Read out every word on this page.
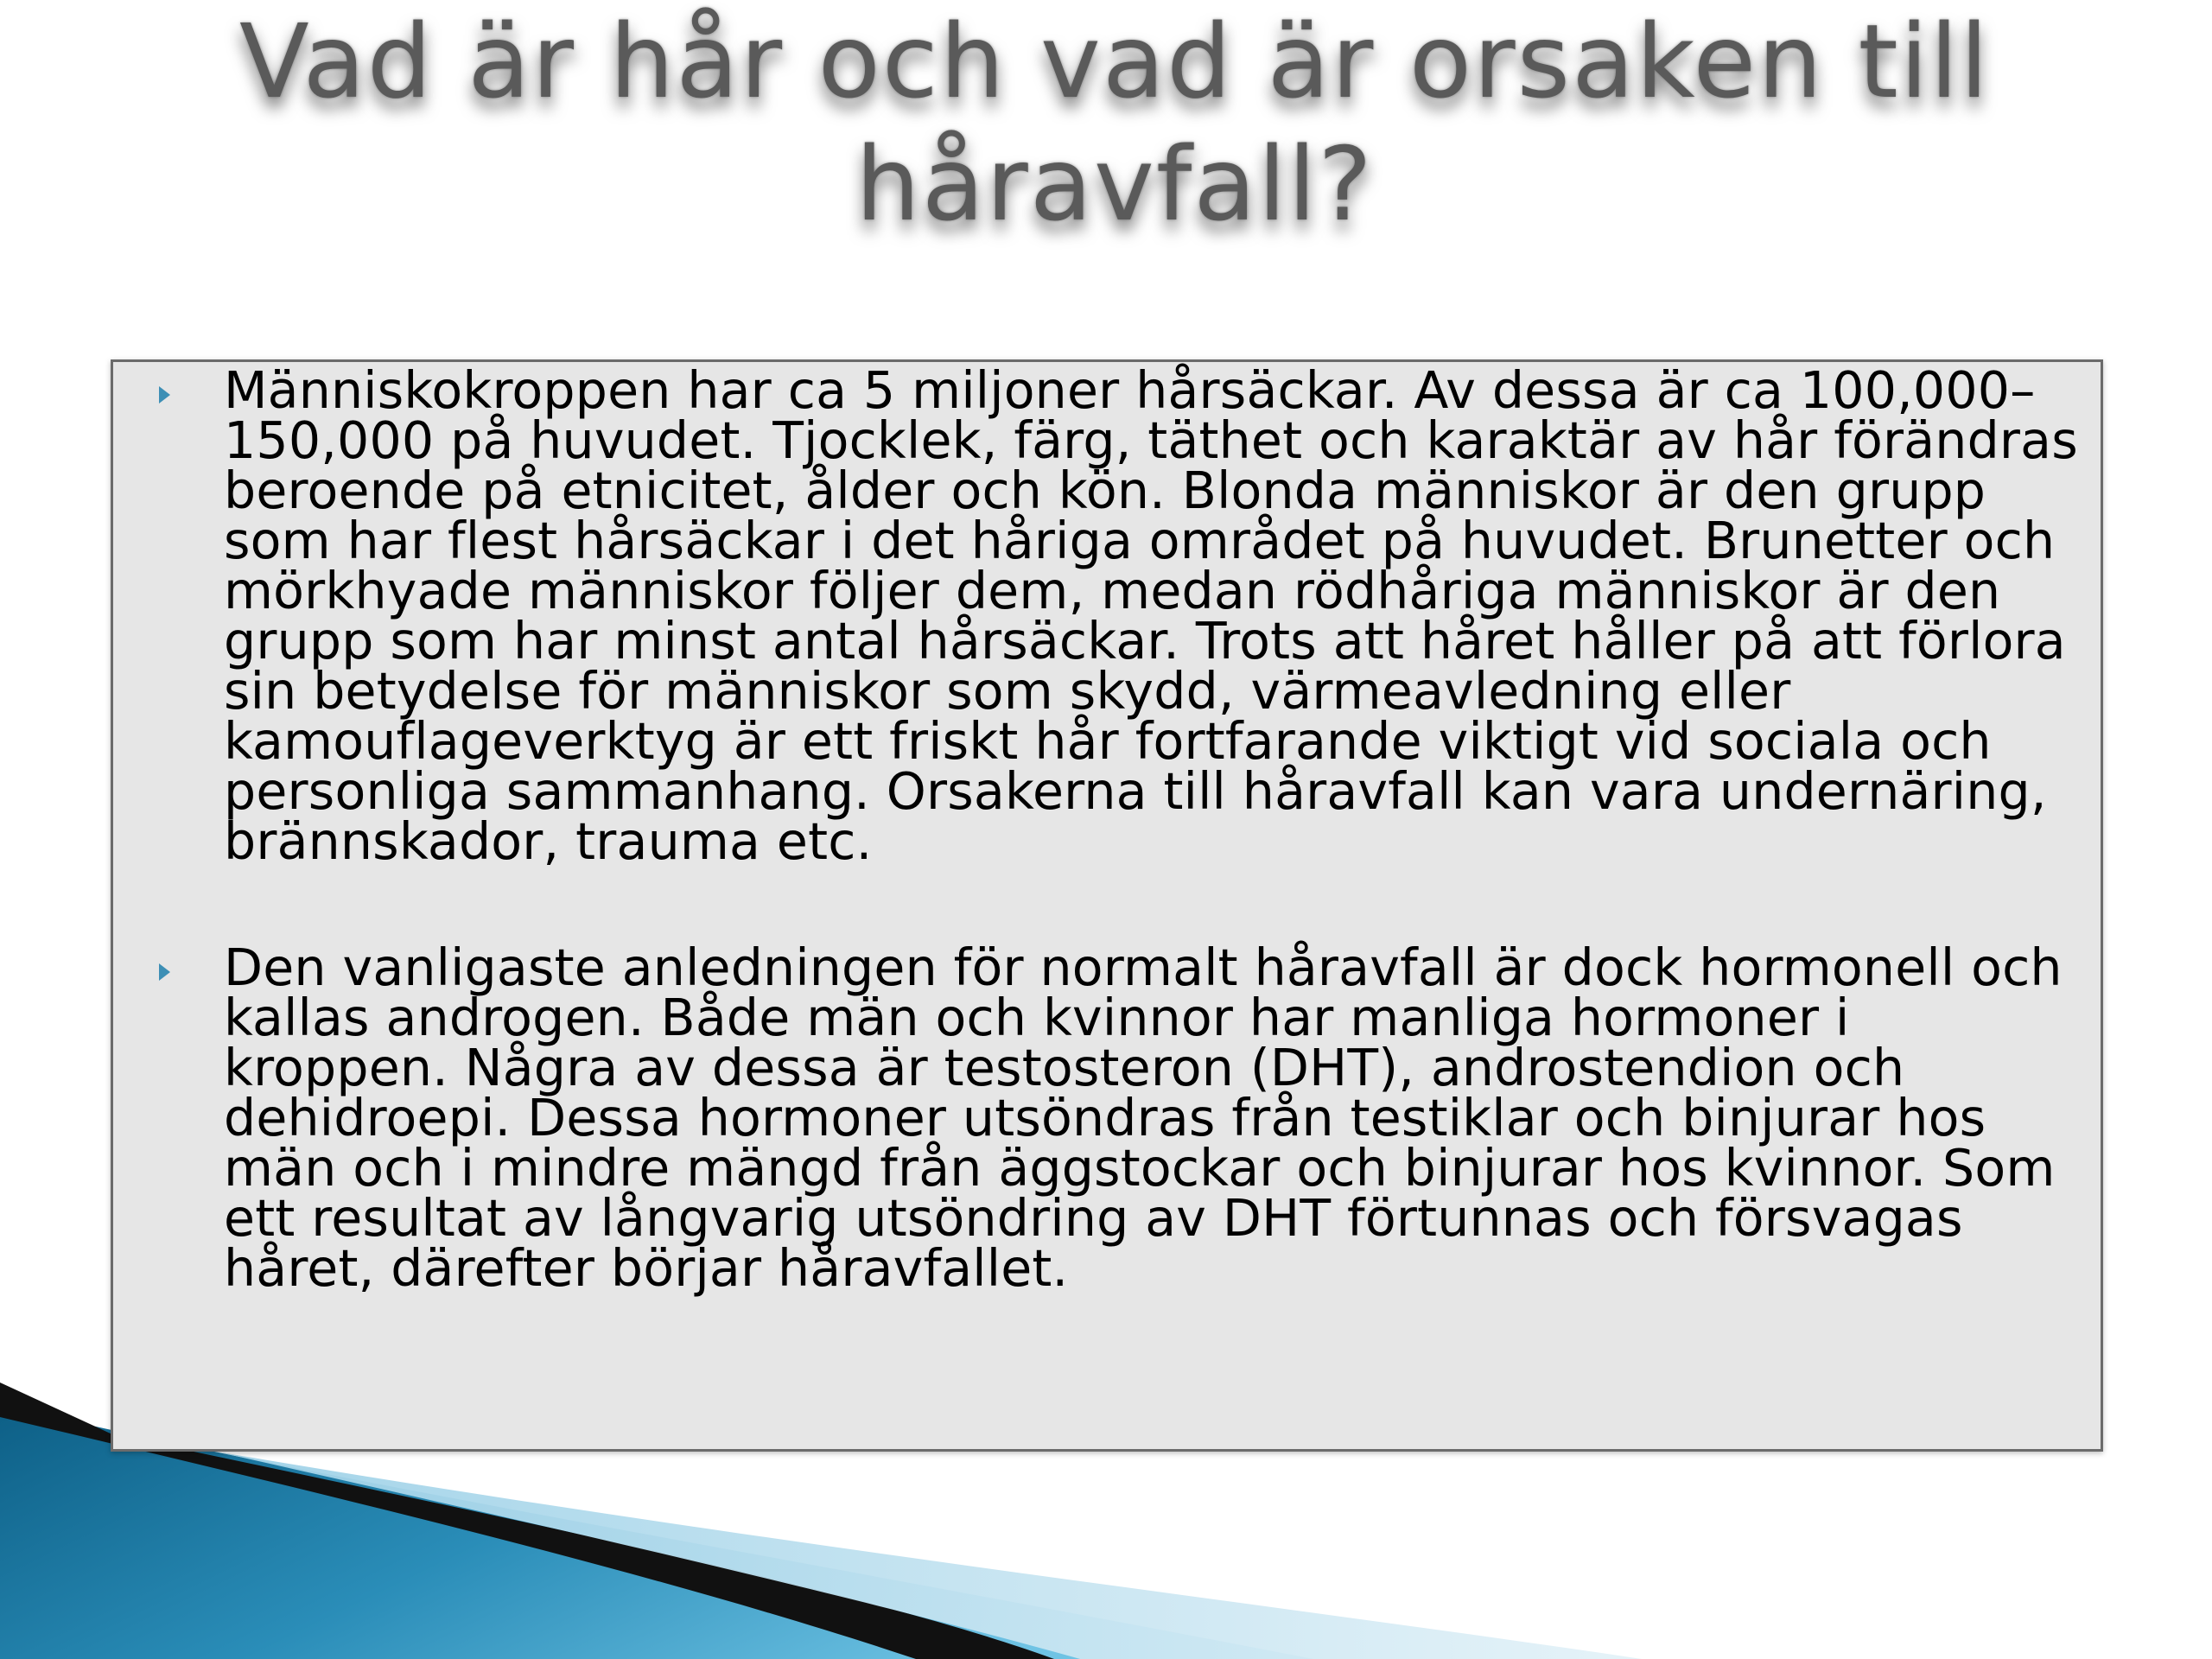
Vad är hår och vad är orsaken till håravfall?
Människokroppen har ca 5 miljoner hårsäckar. Av dessa är ca 100,000–150,000 på huvudet. Tjocklek, färg, täthet och karaktär av hår förändras beroende på etnicitet, ålder och kön. Blonda människor är den grupp som har flest hårsäckar i det håriga området på huvudet. Brunetter och mörkhyade människor följer dem, medan rödhåriga människor är den grupp som har minst antal hårsäckar. Trots att håret håller på att förlora sin betydelse för människor som skydd, värmeavledning eller kamouflageverktyg är ett friskt hår fortfarande viktigt vid sociala och personliga sammanhang. Orsakerna till håravfall kan vara undernäring, brännskador, trauma etc.
Den vanligaste anledningen för normalt håravfall är dock hormonell och kallas androgen. Både män och kvinnor har manliga hormoner i kroppen. Några av dessa är testosteron (DHT), androstendion och dehidroepi. Dessa hormoner utsöndras från testiklar och binjurar hos män och i mindre mängd från äggstockar och binjurar hos kvinnor. Som ett resultat av långvarig utsöndring av DHT förtunnas och försvagas håret, därefter börjar håravfallet.
